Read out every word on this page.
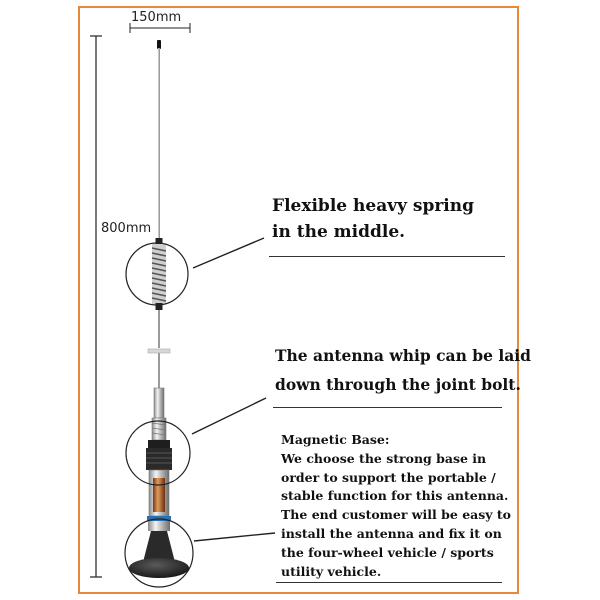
150mm
800mm
Flexible heavy spring
in the middle.
The antenna whip can be laid
down through the joint bolt.
Magnetic Base:
We choose the strong base in
order to support the portable /
stable function for this antenna.
The end customer will be easy to
install the antenna and fix it on
the four-wheel vehicle / sports
utility vehicle.
